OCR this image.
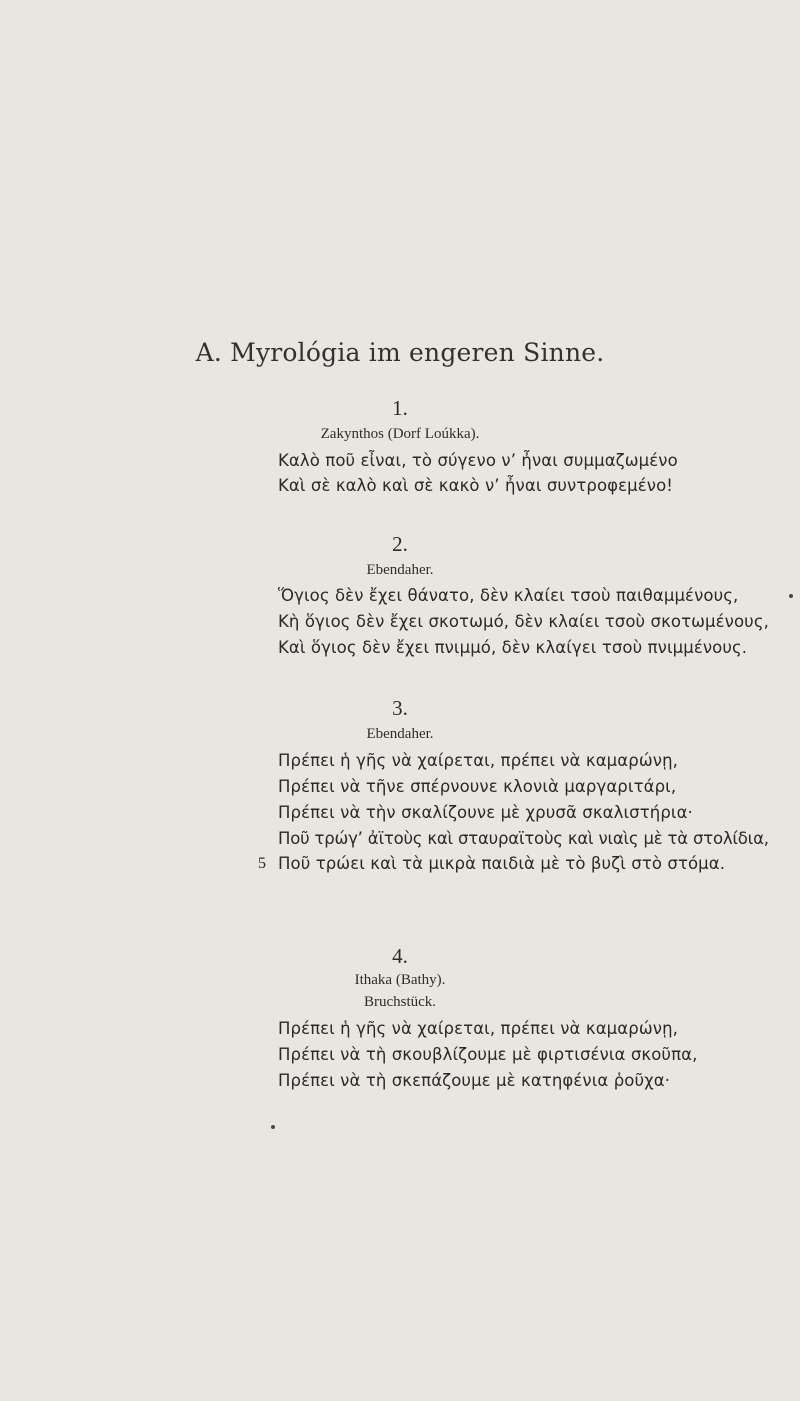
A. Myrológia im engeren Sinne.
1.
Zakynthos (Dorf Loúkka).
Καλὸ ποῦ εἶναι, τὸ σύγενο ν’ ἦναι συμμαζωμένο
Καὶ σὲ καλὸ καὶ σὲ κακὸ ν’ ἦναι συντροφεμένο!
2.
Ebendaher.
Ὅγιος δὲν ἔχει θάνατο, δὲν κλαίει τσοὺ παιθαμμένους,
Κὴ ὅγιος δὲν ἔχει σκοτωμό, δὲν κλαίει τσοὺ σκοτωμένους,
Καὶ ὅγιος δὲν ἔχει πνιμμό, δὲν κλαίγει τσοὺ πνιμμένους.
3.
Ebendaher.
Πρέπει ἡ γῆς νὰ χαίρεται, πρέπει νὰ καμαρώνῃ,
Πρέπει νὰ τῆνε σπέρνουνε κλονιὰ μαργαριτάρι,
Πρέπει νὰ τὴν σκαλίζουνε μὲ χρυσᾶ σκαλιστήρια·
Ποῦ τρώγ’ ἀϊτοὺς καὶ σταυραϊτοὺς καὶ νιαὶς μὲ τὰ στολίδια,
5 Ποῦ τρώει καὶ τὰ μικρὰ παιδιὰ μὲ τὸ βυζὶ στὸ στόμα.
4.
Ithaka (Bathy).
Bruchstück.
Πρέπει ἡ γῆς νὰ χαίρεται, πρέπει νὰ καμαρώνῃ,
Πρέπει νὰ τὴ σκουβλίζουμε μὲ φιρτισένια σκοῦπα,
Πρέπει νὰ τὴ σκεπάζουμε μὲ κατηφένια ῥοῦχα·
